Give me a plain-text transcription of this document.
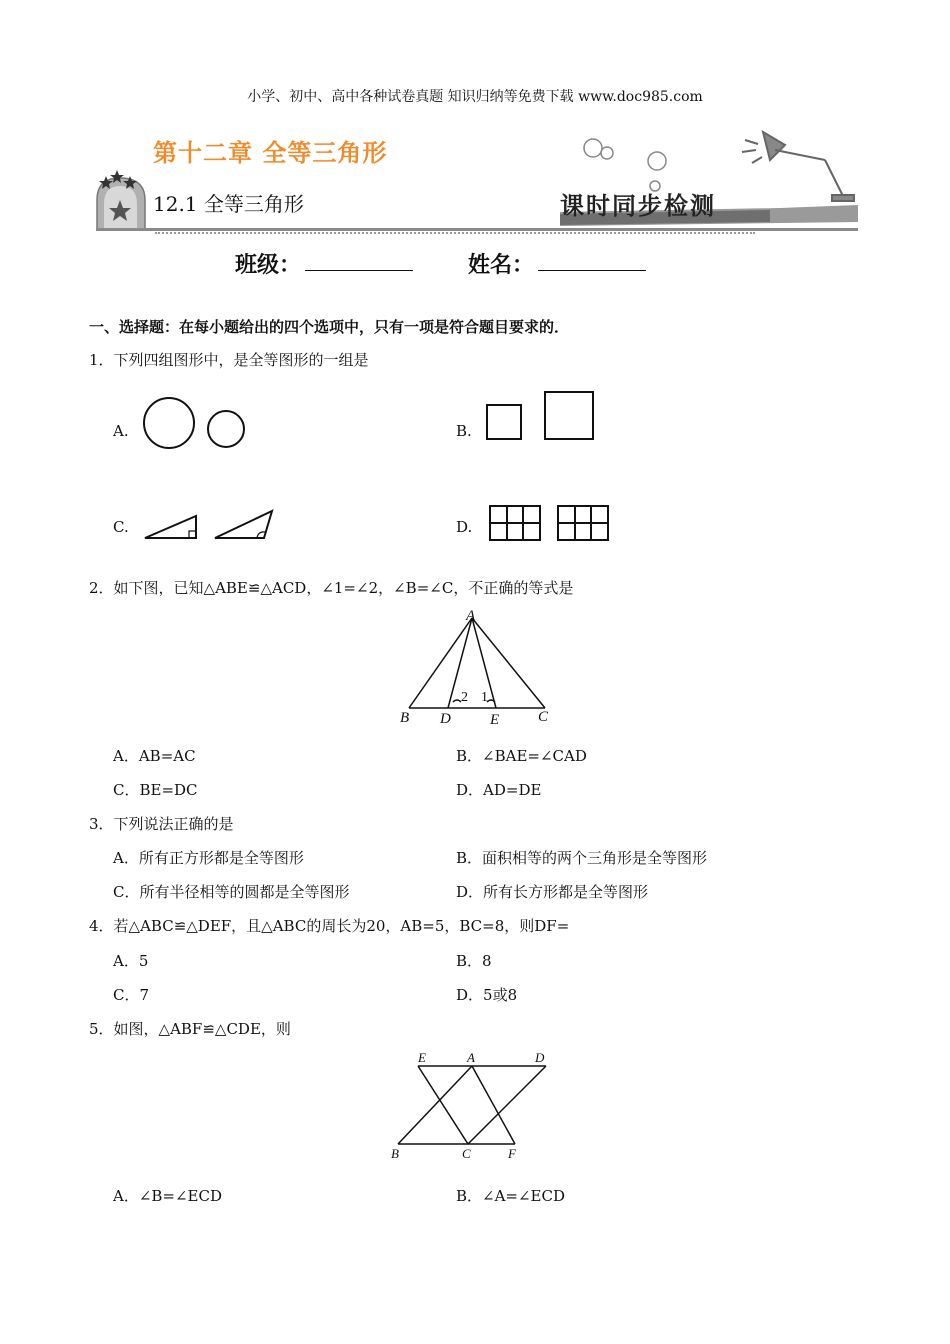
小学、初中、高中各种试卷真题 知识归纳等免费下载 www.doc985.com
第十二章 全等三角形
12.1 全等三角形	课时同步检测
班级：	姓名：
一、选择题：在每小题给出的四个选项中，只有一项是符合题目要求的．
1．下列四组图形中，是全等图形的一组是
A.	B.
C.	D.
2．如下图，已知△ABE≌△ACD，∠1=∠2，∠B=∠C，不正确的等式是
A
B D	E	C
2 1
A．AB=AC	B．∠BAE=∠CAD
C．BE=DC	D．AD=DE
3．下列说法正确的是
A．所有正方形都是全等图形	B．面积相等的两个三角形是全等图形
C．所有半径相等的圆都是全等图形	D．所有长方形都是全等图形
4．若△ABC≌△DEF，且△ABC的周长为20，AB=5，BC=8，则DF=
A．5	B．8
C．7	D．5或8
5．如图，△ABF≌△CDE，则
E	A	D
B	C	F
A．∠B=∠ECD	B．∠A=∠ECD
